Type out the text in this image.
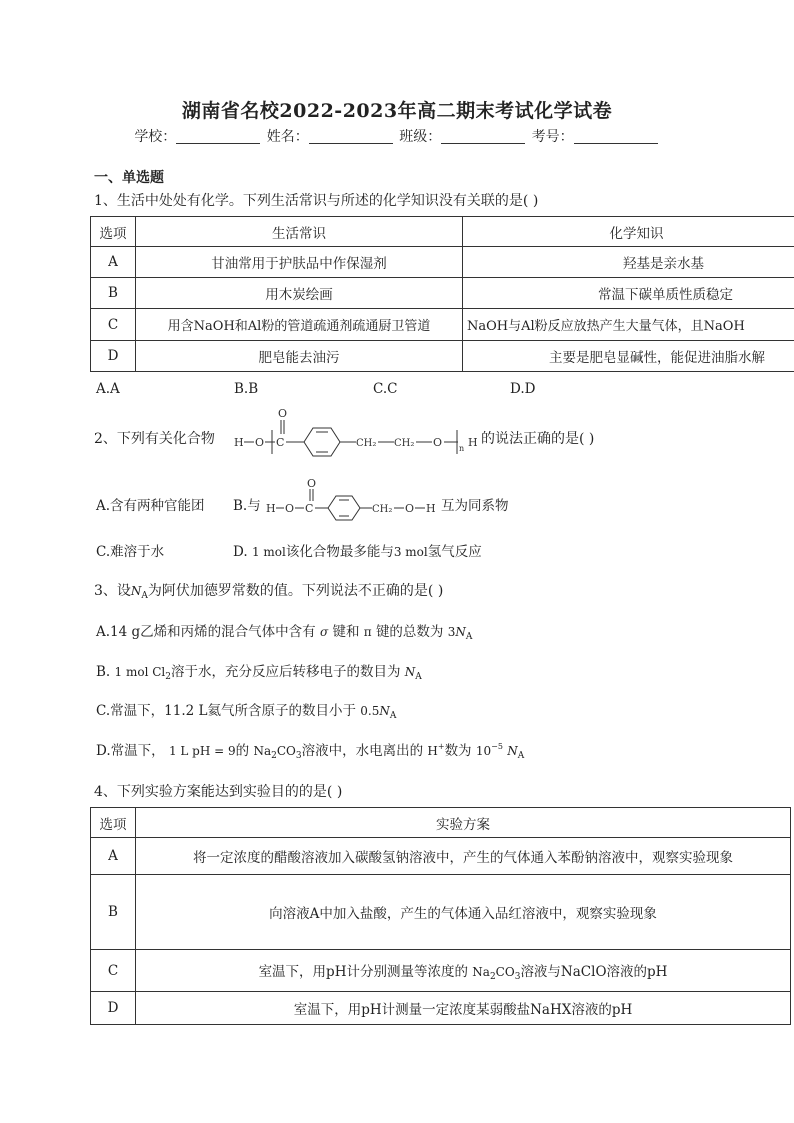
湖南省名校2022-2023年高二期末考试化学试卷
学校：	姓名：	班级：	考号：
一、单选题
1、生活中处处有化学。下列生活常识与所述的化学知识没有关联的是( )
选项	生活常识	化学知识
A	甘油常用于护肤品中作保湿剂	羟基是亲水基
B	用木炭绘画	常温下碳单质性质稳定
C	用含NaOH和Al粉的管道疏通剂疏通厨卫管道	NaOH与Al粉反应放热产生大量气体，且NaOH
D	肥皂能去油污	主要是肥皂显碱性，能促进油脂水解
A.A	B.B	C.C	D.D
2、下列有关化合物 H O C
O
CH₂ CH₂ O n H 的说法正确的是( )
A.含有两种官能团 B.与 H O C
O
CH₂ O H 互为同系物
C.难溶于水	D. 1 mol该化合物最多能与3 mol氢气反应
3、设$N_A$为阿伏加德罗常数的值。下列说法不正确的是( )
A.14 g乙烯和丙烯的混合气体中含有 σ 键和 π 键的总数为 $3N_A$
B. 1 mol $Cl_2$溶于水，充分反应后转移电子的数目为 $N_A$
C.常温下，11.2 L氦气所含原子的数目小于 $0.5N_A$
D.常温下， 1 L pH = 9的 $Na_2CO_3$溶液中，水电离出的 H+数为 $10^{-5}$ $N_A$
4、下列实验方案能达到实验目的的是( )
选项	实验方案
A	将一定浓度的醋酸溶液加入碳酸氢钠溶液中，产生的气体通入苯酚钠溶液中，观察实验现象
B	向溶液A中加入盐酸，产生的气体通入品红溶液中，观察实验现象
C	室温下，用pH计分别测量等浓度的 $Na_2CO_3$溶液与NaClO溶液的pH
D	室温下，用pH计测量一定浓度某弱酸盐NaHX溶液的pH
